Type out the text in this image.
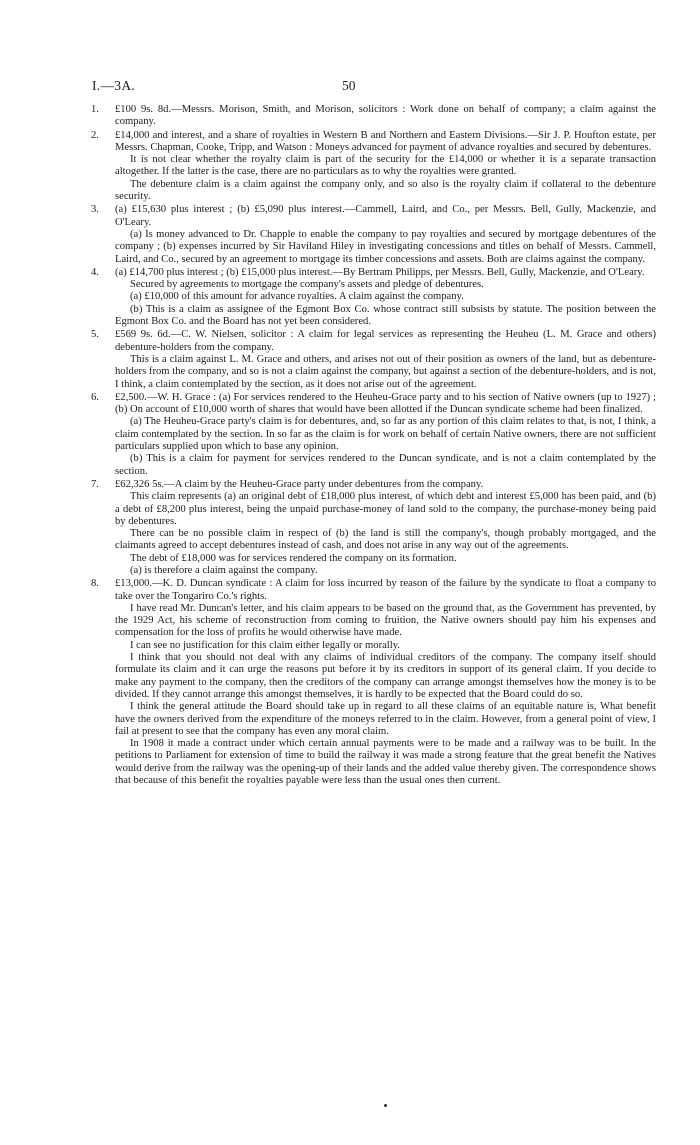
I.—3A.	50
1. £100 9s. 8d.—Messrs. Morison, Smith, and Morison, solicitors : Work done on behalf of company; a claim against the company.

2. £14,000 and interest, and a share of royalties in Western B and Northern and Eastern Divisions.—Sir J. P. Houfton estate, per Messrs. Chapman, Cooke, Tripp, and Watson : Moneys advanced for payment of advance royalties and secured by debentures.

It is not clear whether the royalty claim is part of the security for the £14,000 or whether it is a separate transaction altogether. If the latter is the case, there are no particulars as to why the royalties were granted.

The debenture claim is a claim against the company only, and so also is the royalty claim if collateral to the debenture security.

3. (a) £15,630 plus interest ; (b) £5,090 plus interest.—Cammell, Laird, and Co., per Messrs. Bell, Gully, Mackenzie, and O'Leary.

(a) Is money advanced to Dr. Chapple to enable the company to pay royalties and secured by mortgage debentures of the company ; (b) expenses incurred by Sir Haviland Hiley in investigating concessions and titles on behalf of Messrs. Cammell, Laird, and Co., secured by an agreement to mortgage its timber concessions and assets. Both are claims against the company.

4. (a) £14,700 plus interest ; (b) £15,000 plus interest.—By Bertram Philipps, per Messrs. Bell, Gully, Mackenzie, and O'Leary.

Secured by agreements to mortgage the company's assets and pledge of debentures.

(a) £10,000 of this amount for advance royalties. A claim against the company.

(b) This is a claim as assignee of the Egmont Box Co. whose contract still subsists by statute. The position between the Egmont Box Co. and the Board has not yet been considered.

5. £569 9s. 6d.—C. W. Nielsen, solicitor : A claim for legal services as representing the Heuheu (L. M. Grace and others) debenture-holders from the company.

This is a claim against L. M. Grace and others, and arises not out of their position as owners of the land, but as debenture-holders from the company, and so is not a claim against the company, but against a section of the debenture-holders, and is not, I think, a claim contemplated by the section, as it does not arise out of the agreement.

6. £2,500.—W. H. Grace : (a) For services rendered to the Heuheu-Grace party and to his section of Native owners (up to 1927) ; (b) On account of £10,000 worth of shares that would have been allotted if the Duncan syndicate scheme had been finalized.

(a) The Heuheu-Grace party's claim is for debentures, and, so far as any portion of this claim relates to that, is not, I think, a claim contemplated by the section. In so far as the claim is for work on behalf of certain Native owners, there are not sufficient particulars supplied upon which to base any opinion.

(b) This is a claim for payment for services rendered to the Duncan syndicate, and is not a claim contemplated by the section.

7. £62,326 5s.—A claim by the Heuheu-Grace party under debentures from the company.

This claim represents (a) an original debt of £18,000 plus interest, of which debt and interest £5,000 has been paid, and (b) a debt of £8,200 plus interest, being the unpaid purchase-money of land sold to the company, the purchase-money being paid by debentures.

There can be no possible claim in respect of (b) the land is still the company's, though probably mortgaged, and the claimants agreed to accept debentures instead of cash, and does not arise in any way out of the agreements.

The debt of £18,000 was for services rendered the company on its formation.

(a) is therefore a claim against the company.

8. £13,000.—K. D. Duncan syndicate : A claim for loss incurred by reason of the failure by the syndicate to float a company to take over the Tongariro Co.'s rights.

I have read Mr. Duncan's letter, and his claim appears to be based on the ground that, as the Government has prevented, by the 1929 Act, his scheme of reconstruction from coming to fruition, the Native owners should pay him his expenses and compensation for the loss of profits he would otherwise have made.

I can see no justification for this claim either legally or morally.

I think that you should not deal with any claims of individual creditors of the company. The company itself should formulate its claim and it can urge the reasons put before it by its creditors in support of its general claim. If you decide to make any payment to the company, then the creditors of the company can arrange amongst themselves how the money is to be divided. If they cannot arrange this amongst themselves, it is hardly to be expected that the Board could do so.

I think the general attitude the Board should take up in regard to all these claims of an equitable nature is, What benefit have the owners derived from the expenditure of the moneys referred to in the claim. However, from a general point of view, I fail at present to see that the company has even any moral claim.

In 1908 it made a contract under which certain annual payments were to be made and a railway was to be built. In the petitions to Parliament for extension of time to build the railway it was made a strong feature that the great benefit the Natives would derive from the railway was the opening-up of their lands and the added value thereby given. The correspondence shows that because of this benefit the royalties payable were less than the usual ones then current.
